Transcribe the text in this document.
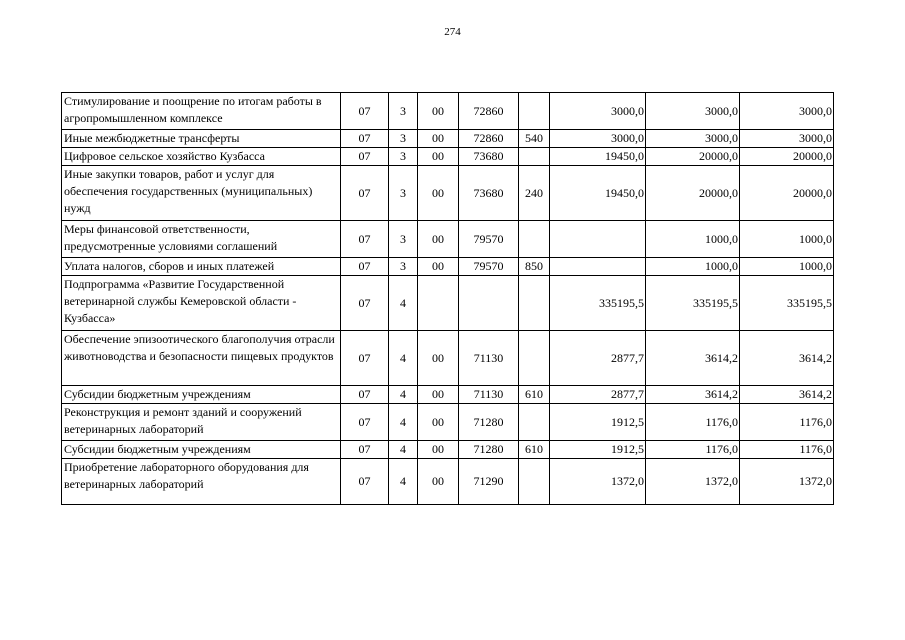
274
Стимулирование и поощрение по итогам работы в агропромышленном комплексе	07	3	00	72860		3000,0	3000,0	3000,0
Иные межбюджетные трансферты	07	3	00	72860	540	3000,0	3000,0	3000,0
Цифровое сельское хозяйство Кузбасса	07	3	00	73680		19450,0	20000,0	20000,0
Иные закупки товаров, работ и услуг для обеспечения государственных (муниципальных) нужд	07	3	00	73680	240	19450,0	20000,0	20000,0
Меры финансовой ответственности, предусмотренные условиями соглашений	07	3	00	79570			1000,0	1000,0
Уплата налогов, сборов и иных платежей	07	3	00	79570	850		1000,0	1000,0
Подпрограмма «Развитие Государственной ветеринарной службы Кемеровской области - Кузбасса»	07	4				335195,5	335195,5	335195,5
Обеспечение эпизоотического благополучия отрасли животноводства и безопасности пищевых продуктов	07	4	00	71130		2877,7	3614,2	3614,2
Субсидии бюджетным учреждениям	07	4	00	71130	610	2877,7	3614,2	3614,2
Реконструкция и ремонт зданий и сооружений ветеринарных лабораторий	07	4	00	71280		1912,5	1176,0	1176,0
Субсидии бюджетным учреждениям	07	4	00	71280	610	1912,5	1176,0	1176,0
Приобретение лабораторного оборудования для ветеринарных лабораторий	07	4	00	71290		1372,0	1372,0	1372,0
